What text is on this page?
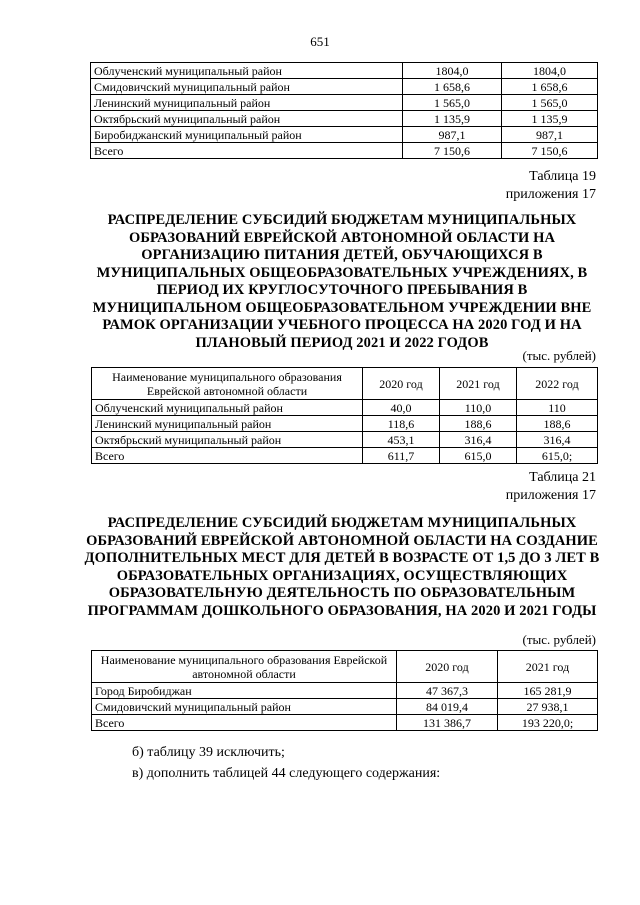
651
Облученский муниципальный район	1804,0	1804,0
Смидовичский муниципальный район	1 658,6	1 658,6
Ленинский муниципальный район	1 565,0	1 565,0
Октябрьский муниципальный район	1 135,9	1 135,9
Биробиджанский муниципальный район	987,1	987,1
Всего	7 150,6	7 150,6
Таблица 19
приложения 17
РАСПРЕДЕЛЕНИЕ СУБСИДИЙ БЮДЖЕТАМ МУНИЦИПАЛЬНЫХ ОБРАЗОВАНИЙ ЕВРЕЙСКОЙ АВТОНОМНОЙ ОБЛАСТИ НА ОРГАНИЗАЦИЮ ПИТАНИЯ ДЕТЕЙ, ОБУЧАЮЩИХСЯ В МУНИЦИПАЛЬНЫХ ОБЩЕОБРАЗОВАТЕЛЬНЫХ УЧРЕЖДЕНИЯХ, В ПЕРИОД ИХ КРУГЛОСУТОЧНОГО ПРЕБЫВАНИЯ В МУНИЦИПАЛЬНОМ ОБЩЕОБРАЗОВАТЕЛЬНОМ УЧРЕЖДЕНИИ ВНЕ РАМОК ОРГАНИЗАЦИИ УЧЕБНОГО ПРОЦЕССА НА 2020 ГОД И НА ПЛАНОВЫЙ ПЕРИОД 2021 И 2022 ГОДОВ
(тыс. рублей)
Наименование муниципального образования Еврейской автономной области	2020 год	2021 год	2022 год
Облученский муниципальный район	40,0	110,0	110
Ленинский муниципальный район	118,6	188,6	188,6
Октябрьский муниципальный район	453,1	316,4	316,4
Всего	611,7	615,0	615,0;
Таблица 21
приложения 17
РАСПРЕДЕЛЕНИЕ СУБСИДИЙ БЮДЖЕТАМ МУНИЦИПАЛЬНЫХ ОБРАЗОВАНИЙ ЕВРЕЙСКОЙ АВТОНОМНОЙ ОБЛАСТИ НА СОЗДАНИЕ ДОПОЛНИТЕЛЬНЫХ МЕСТ ДЛЯ ДЕТЕЙ В ВОЗРАСТЕ ОТ 1,5 ДО 3 ЛЕТ В ОБРАЗОВАТЕЛЬНЫХ ОРГАНИЗАЦИЯХ, ОСУЩЕСТВЛЯЮЩИХ ОБРАЗОВАТЕЛЬНУЮ ДЕЯТЕЛЬНОСТЬ ПО ОБРАЗОВАТЕЛЬНЫМ ПРОГРАММАМ ДОШКОЛЬНОГО ОБРАЗОВАНИЯ, НА 2020 И 2021 ГОДЫ
(тыс. рублей)
Наименование муниципального образования Еврейской автономной области	2020 год	2021 год
Город Биробиджан	47 367,3	165 281,9
Смидовичский муниципальный район	84 019,4	27 938,1
Всего	131 386,7	193 220,0;
б) таблицу 39 исключить;
в) дополнить таблицей 44 следующего содержания:
